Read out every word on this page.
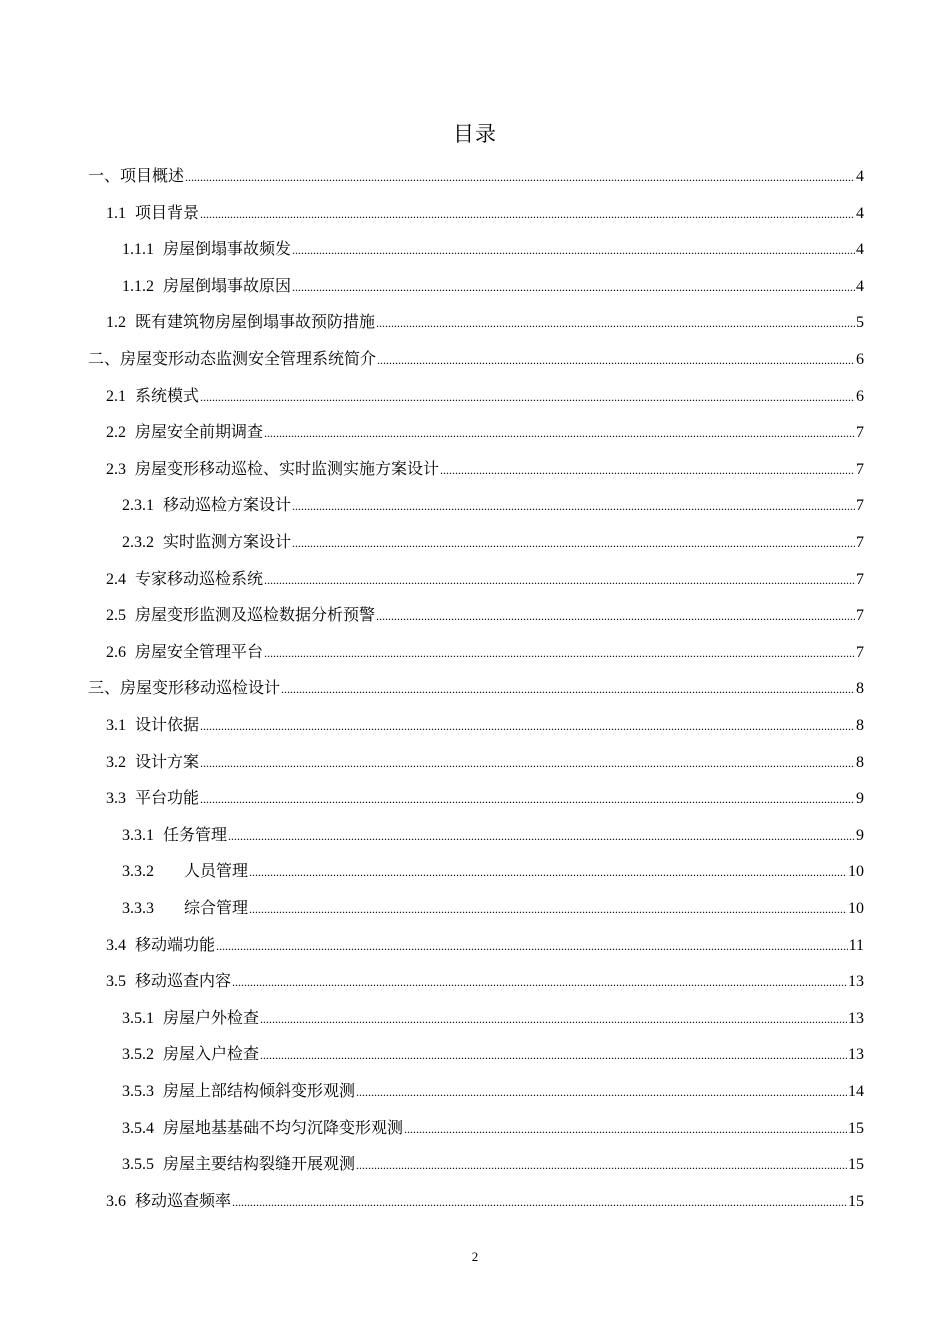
目录
一、项目概述 .....	4
1.1 项目背景 .....	4
1.1.1 房屋倒塌事故频发 .....	4
1.1.2 房屋倒塌事故原因 .....	4
1.2 既有建筑物房屋倒塌事故预防措施 .....	5
二、房屋变形动态监测安全管理系统简介 .....	6
2.1 系统模式 .....	6
2.2 房屋安全前期调查 .....	7
2.3 房屋变形移动巡检、实时监测实施方案设计 .....	7
2.3.1 移动巡检方案设计 .....	7
2.3.2 实时监测方案设计 .....	7
2.4 专家移动巡检系统 .....	7
2.5 房屋变形监测及巡检数据分析预警 .....	7
2.6 房屋安全管理平台 .....	7
三、房屋变形移动巡检设计 .....	8
3.1 设计依据 .....	8
3.2 设计方案 .....	8
3.3 平台功能 .....	9
3.3.1 任务管理 .....	9
3.3.2 人员管理 .....	10
3.3.3 综合管理 .....	10
3.4 移动端功能 .....	11
3.5 移动巡查内容 .....	13
3.5.1 房屋户外检查 .....	13
3.5.2 房屋入户检查 .....	13
3.5.3 房屋上部结构倾斜变形观测 .....	14
3.5.4 房屋地基基础不均匀沉降变形观测 .....	15
3.5.5 房屋主要结构裂缝开展观测 .....	15
3.6 移动巡查频率 .....	15
2
